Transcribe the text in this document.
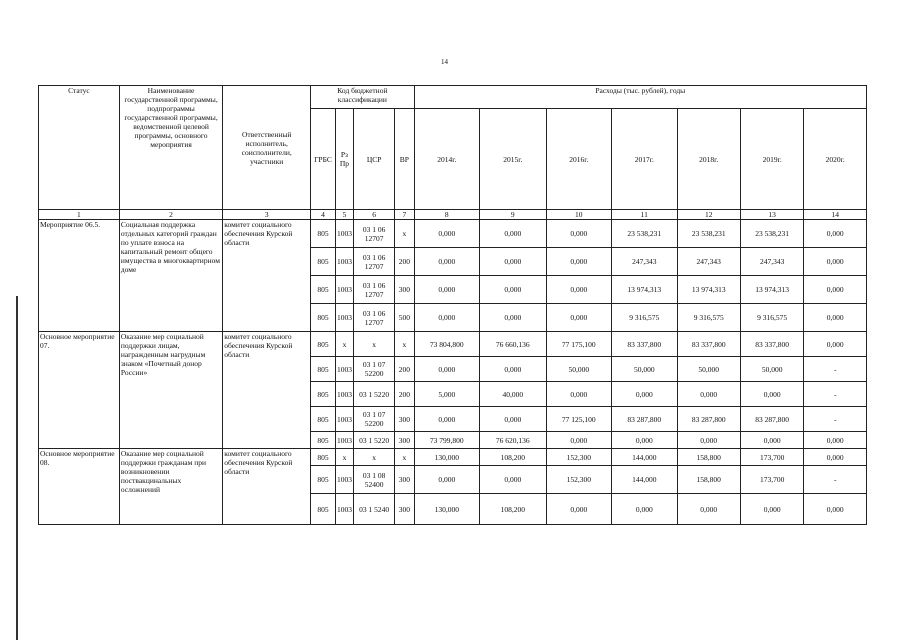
14
Статус	Наименование государственной программы, подпрограммы государственной программы, ведомственной целевой программы, основного мероприятия	Ответственный исполнитель, соисполнители, участники	Код бюджетной классификации				Расходы (тыс. рублей), годы						
			ГРБС	Рз Пр	ЦСР	ВР	2014г.	2015г.	2016г.	2017г.	2018г.	2019г.	2020г.
1	2	3	4	5	6	7	8	9	10	11	12	13	14
Мероприятие 06.5.	Социальная поддержка отдельных категорий граждан по уплате взноса на капитальный ремонт общего имущества в многоквартирном доме	комитет социального обеспечения Курской области	805	1003	03 1 06 12707	x	0,000	0,000	0,000	23 538,231	23 538,231	23 538,231	0,000
			805	1003	03 1 06 12707	200	0,000	0,000	0,000	247,343	247,343	247,343	0,000
			805	1003	03 1 06 12707	300	0,000	0,000	0,000	13 974,313	13 974,313	13 974,313	0,000
			805	1003	03 1 06 12707	500	0,000	0,000	0,000	9 316,575	9 316,575	9 316,575	0,000
Основное мероприятие 07.	Оказание мер социальной поддержки лицам, награжденным нагрудным знаком «Почетный донор России»	комитет социального обеспечения Курской области	805	x	x	x	73 804,800	76 660,136	77 175,100	83 337,800	83 337,800	83 337,800	0,000
			805	1003	03 1 07 52200	200	0,000	0,000	50,000	50,000	50,000	50,000	-
			805	1003	03 1 5220	200	5,000	40,000	0,000	0,000	0,000	0,000	-
			805	1003	03 1 07 52200	300	0,000	0,000	77 125,100	83 287,800	83 287,800	83 287,800	-
			805	1003	03 1 5220	300	73 799,800	76 620,136	0,000	0,000	0,000	0,000	0,000
Основное мероприятие 08.	Оказание мер социальной поддержки гражданам при возникновении поствакцинальных осложнений	комитет социального обеспечения Курской области	805	x	x	x	130,000	108,200	152,300	144,000	158,800	173,700	0,000
			805	1003	03 1 08 52400	300	0,000	0,000	152,300	144,000	158,800	173,700	-
			805	1003	03 1 5240	300	130,000	108,200	0,000	0,000	0,000	0,000	0,000
